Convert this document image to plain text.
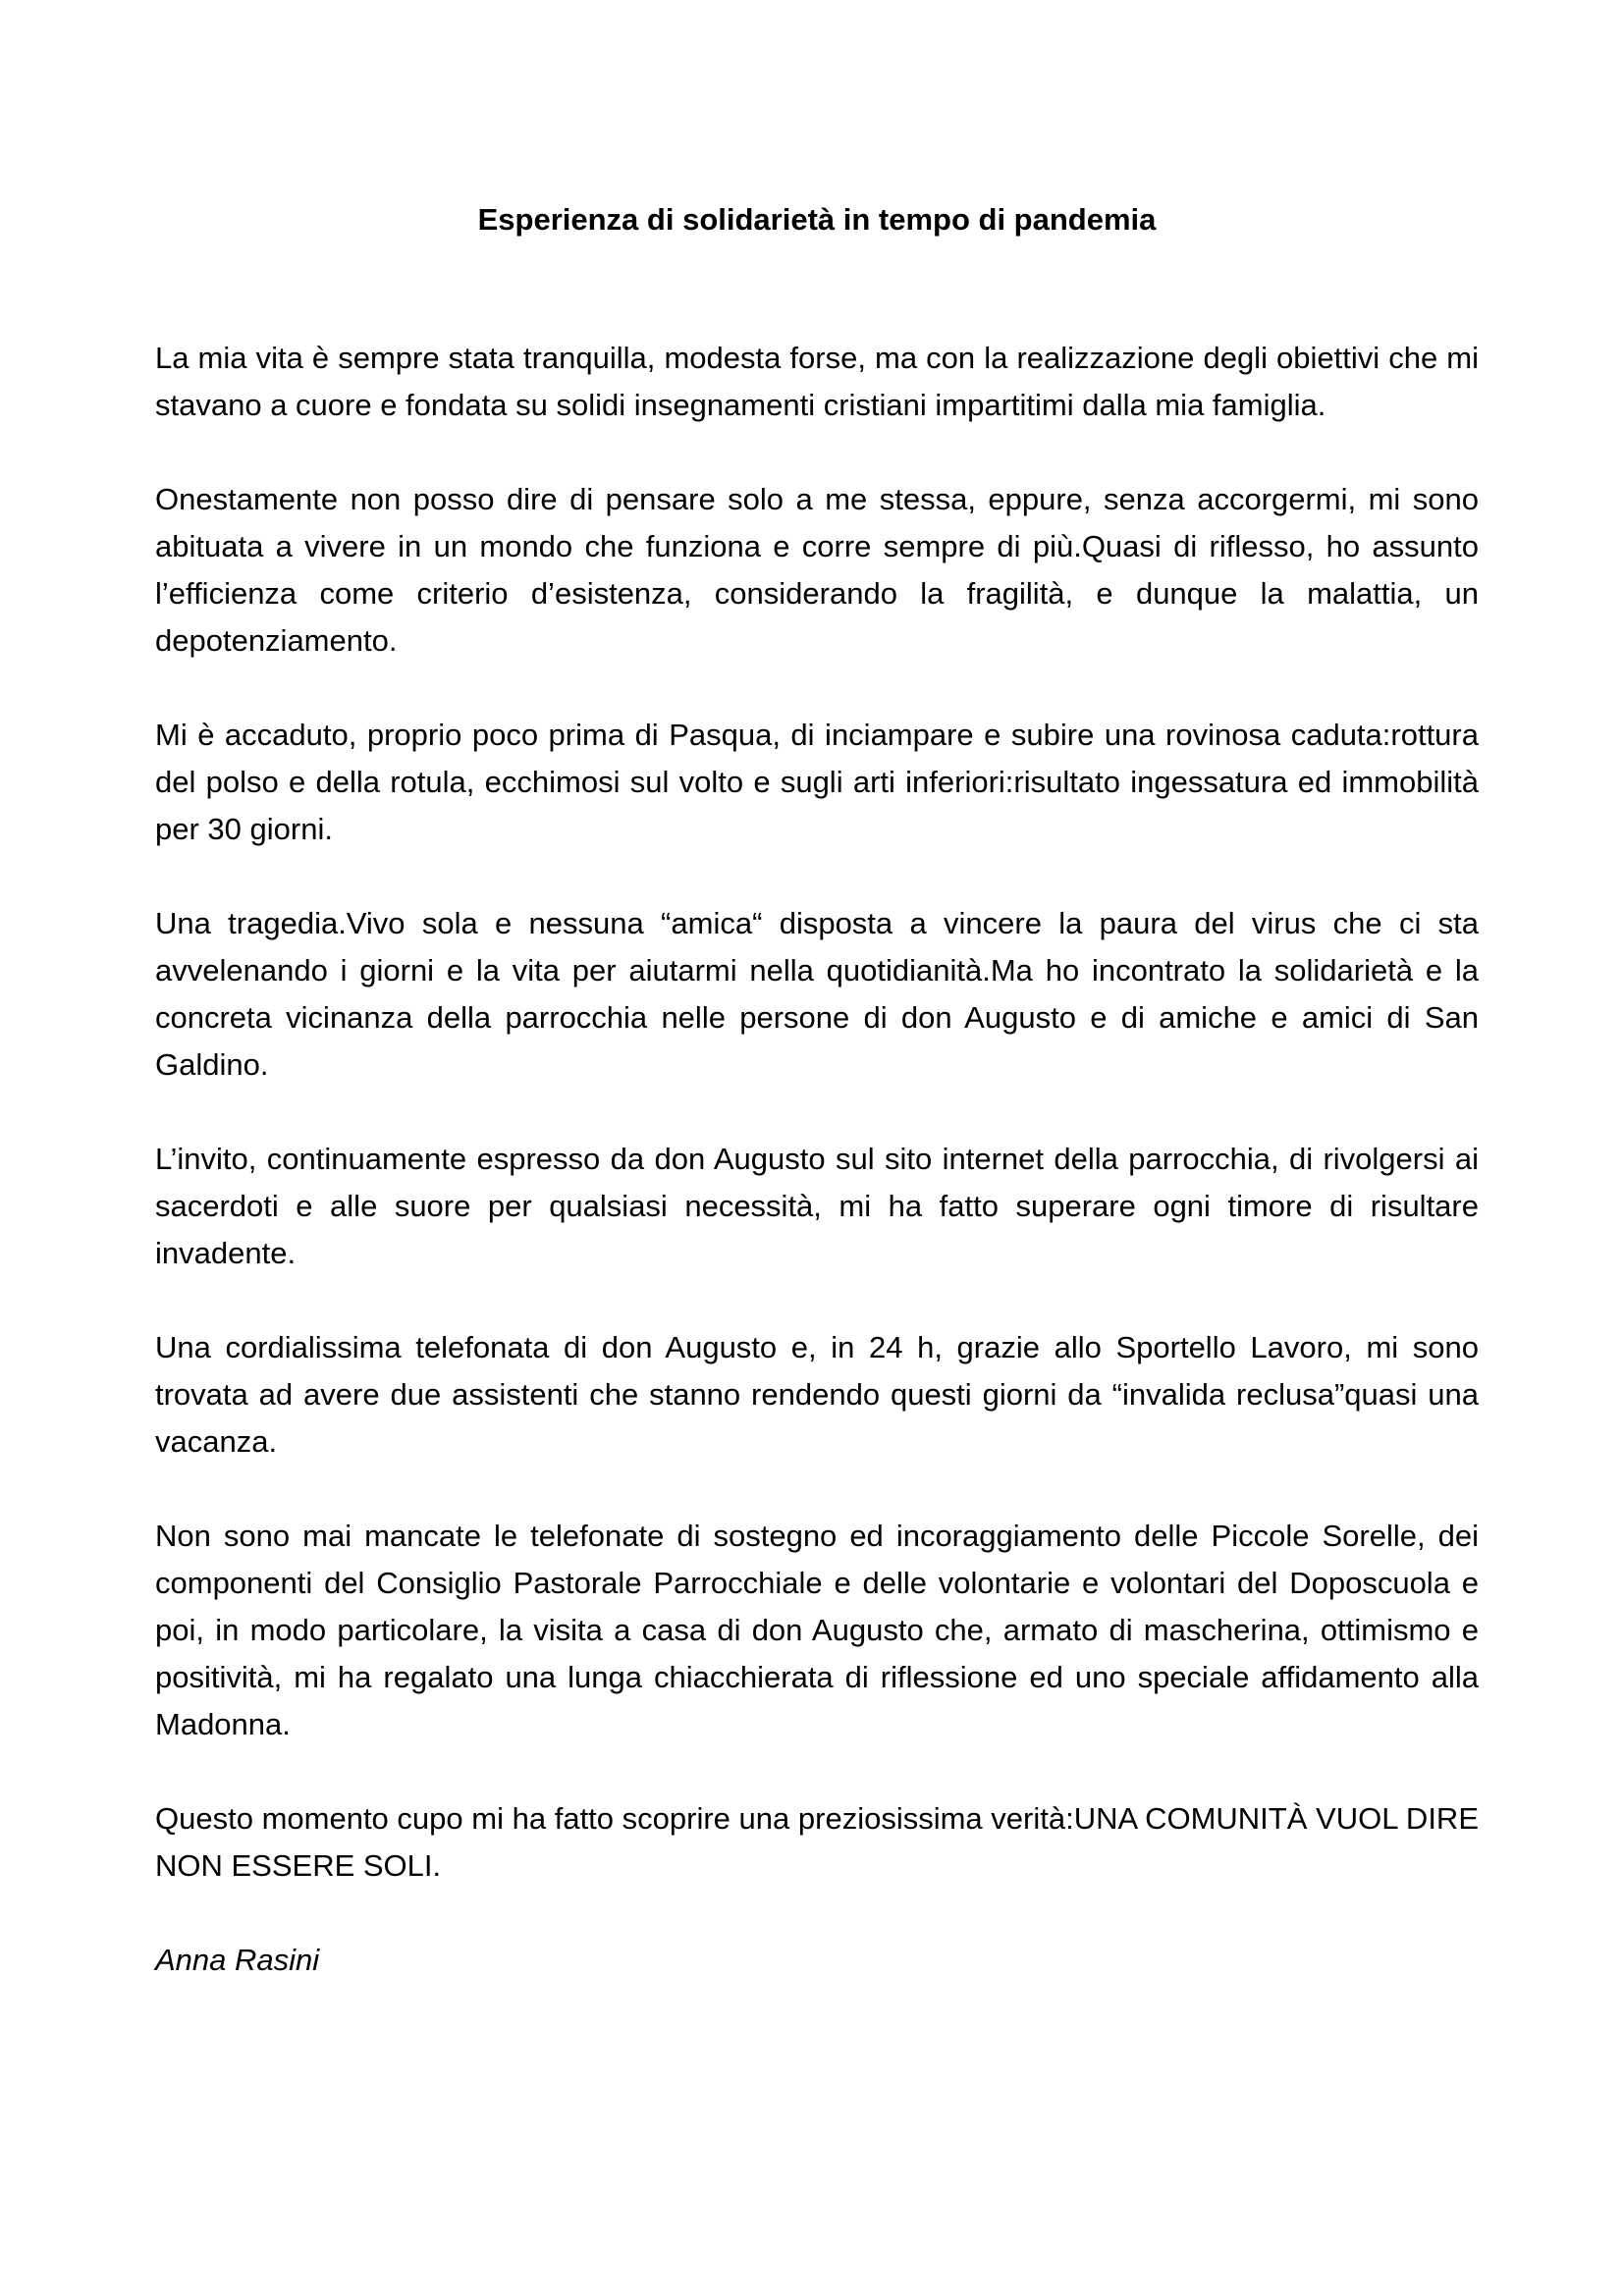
Esperienza di solidarietà in tempo di pandemia

La mia vita è sempre stata tranquilla, modesta forse, ma con la realizzazione degli obiettivi che mi stavano a cuore e fondata su solidi insegnamenti cristiani impartitimi dalla mia famiglia.

Onestamente non posso dire di pensare solo a me stessa, eppure, senza accorgermi, mi sono abituata a vivere in un mondo che funziona e corre sempre di più.Quasi di riflesso, ho assunto l’efficienza come criterio d’esistenza, considerando la fragilità, e dunque la malattia, un depotenziamento.

Mi è accaduto, proprio poco prima di Pasqua, di inciampare e subire una rovinosa caduta:rottura del polso e della rotula, ecchimosi sul volto e sugli arti inferiori:risultato ingessatura ed immobilità per 30 giorni.

Una tragedia.Vivo sola e nessuna “amica“ disposta a vincere la paura del virus che ci sta avvelenando i giorni e la vita per aiutarmi nella quotidianità.Ma ho incontrato la solidarietà e la concreta vicinanza della parrocchia nelle persone di don Augusto e di amiche e amici di San Galdino.

L’invito, continuamente espresso da don Augusto sul sito internet della parrocchia, di rivolgersi ai sacerdoti e alle suore per qualsiasi necessità, mi ha fatto superare ogni timore di risultare invadente.

Una cordialissima telefonata di don Augusto e, in 24 h, grazie allo Sportello Lavoro, mi sono trovata ad avere due assistenti che stanno rendendo questi giorni da “invalida reclusa”quasi una vacanza.

Non sono mai mancate le telefonate di sostegno ed incoraggiamento delle Piccole Sorelle, dei componenti del Consiglio Pastorale Parrocchiale e delle volontarie e volontari del Doposcuola e poi, in modo particolare, la visita a casa di don Augusto che, armato di mascherina, ottimismo e positività, mi ha regalato una lunga chiacchierata di riflessione ed uno speciale affidamento alla Madonna.

Questo momento cupo mi ha fatto scoprire una preziosissima verità:UNA COMUNITÀ VUOL DIRE NON ESSERE SOLI.

Anna Rasini
